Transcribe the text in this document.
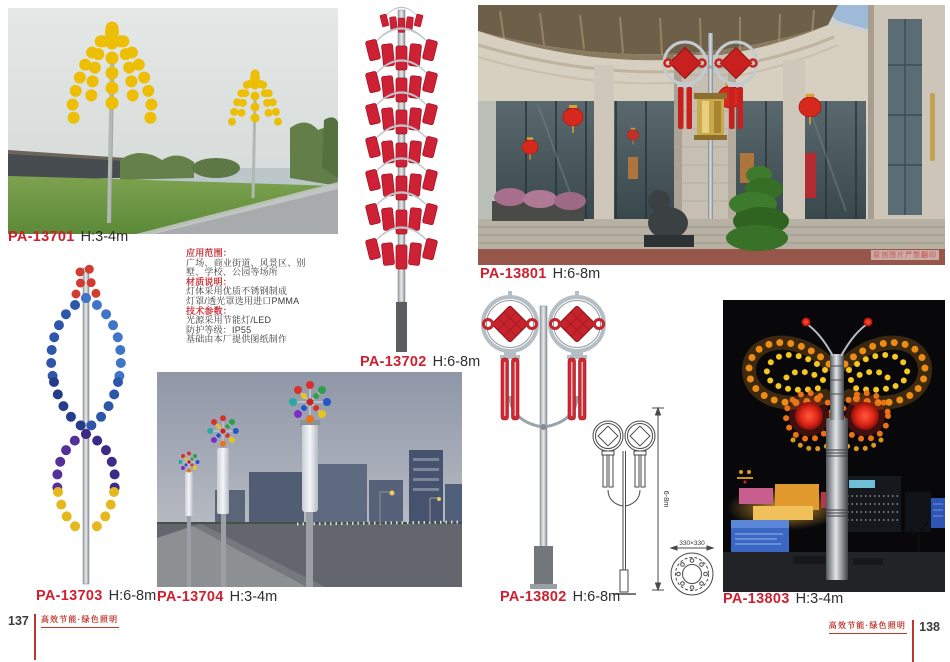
原创图片严禁翻印
应用范围：
广场、商业街道、风景区、别
墅、学校、公园等场所
材质说明：
灯体采用优质不锈钢制成
灯罩/透光罩选用进口PMMA
技术参数：
光源采用节能灯/LED
防护等级：IP55
基础由本厂提供图纸制作
6-8m
330×330
PA-13701 H:3-4m
PA-13702 H:6-8m
PA-13801 H:6-8m
PA-13703 H:6-8m PA-13704 H:3-4m	PA-13802 H:6-8m	PA-13803 H:3-4m
137 高效节能·绿色照明
高效节能·绿色照明 138
